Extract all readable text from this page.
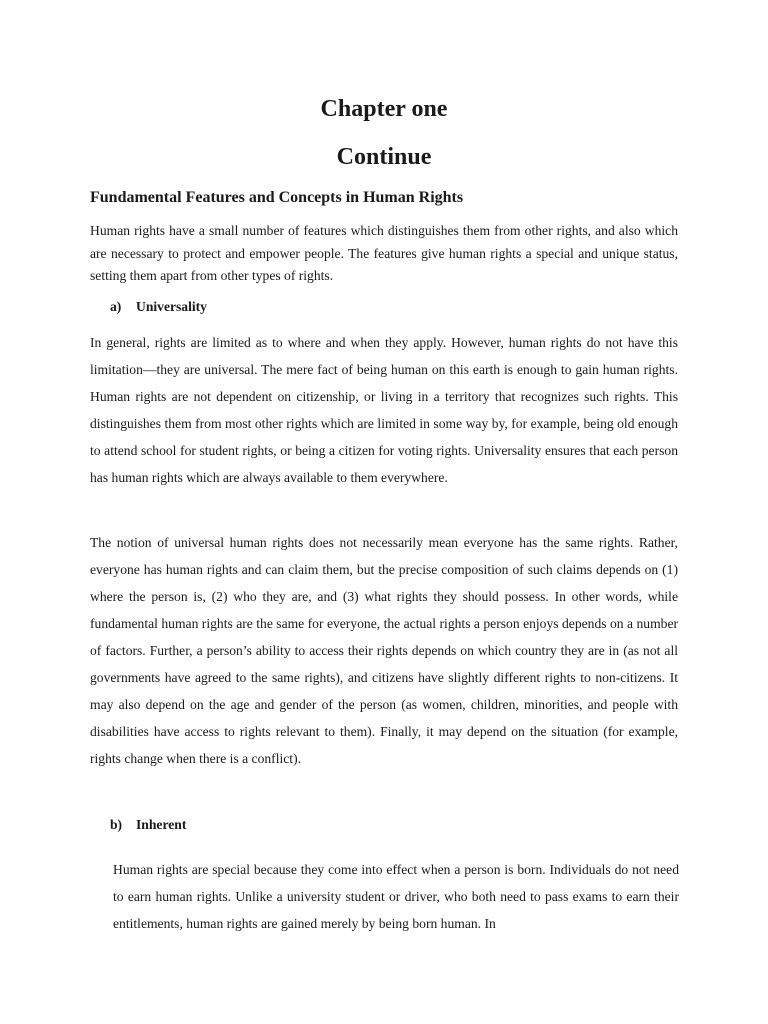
Chapter one
Continue
Fundamental Features and Concepts in Human Rights

Human rights have a small number of features which distinguishes them from other rights, and also which are necessary to protect and empower people. The features give human rights a special and unique status, setting them apart from other types of rights.

a) Universality

In general, rights are limited as to where and when they apply. However, human rights do not have this limitation—they are universal. The mere fact of being human on this earth is enough to gain human rights. Human rights are not dependent on citizenship, or living in a territory that recognizes such rights. This distinguishes them from most other rights which are limited in some way by, for example, being old enough to attend school for student rights, or being a citizen for voting rights. Universality ensures that each person has human rights which are always available to them everywhere.

The notion of universal human rights does not necessarily mean everyone has the same rights. Rather, everyone has human rights and can claim them, but the precise composition of such claims depends on (1) where the person is, (2) who they are, and (3) what rights they should possess. In other words, while fundamental human rights are the same for everyone, the actual rights a person enjoys depends on a number of factors. Further, a person’s ability to access their rights depends on which country they are in (as not all governments have agreed to the same rights), and citizens have slightly different rights to non-citizens. It may also depend on the age and gender of the person (as women, children, minorities, and people with disabilities have access to rights relevant to them). Finally, it may depend on the situation (for example, rights change when there is a conflict).

b) Inherent

Human rights are special because they come into effect when a person is born. Individuals do not need to earn human rights. Unlike a university student or driver, who both need to pass exams to earn their entitlements, human rights are gained merely by being born human. In
